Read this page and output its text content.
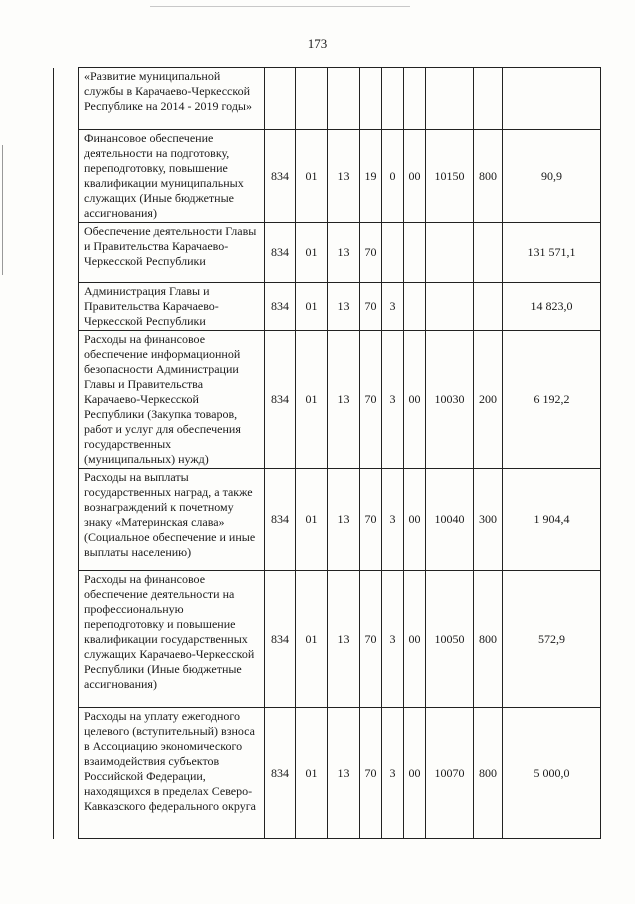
173
	«Развитие муниципальной службы в Карачаево-Черкесской Республике на 2014 - 2019 годы»									
	Финансовое обеспечение деятельности на подготовку, переподготовку, повышение квалификации муниципальных служащих (Иные бюджетные ассигнования)	834	01	13	19	0	00	10150	800	90,9
	Обеспечение деятельности Главы и Правительства Карачаево-Черкесской Республики	834	01	13	70					131 571,1
	Администрация Главы и Правительства Карачаево-Черкесской Республики	834	01	13	70	3				14 823,0
	Расходы на финансовое обеспечение информационной безопасности Администрации Главы и Правительства Карачаево-Черкесской Республики (Закупка товаров, работ и услуг для обеспечения государственных (муниципальных) нужд)	834	01	13	70	3	00	10030	200	6 192,2
	Расходы на выплаты государственных наград, а также вознаграждений к почетному знаку «Материнская слава» (Социальное обеспечение и иные выплаты населению)	834	01	13	70	3	00	10040	300	1 904,4
	Расходы на финансовое обеспечение деятельности на профессиональную переподготовку и повышение квалификации государственных служащих Карачаево-Черкесской Республики (Иные бюджетные ассигнования)	834	01	13	70	3	00	10050	800	572,9
	Расходы на уплату ежегодного целевого (вступительный) взноса в Ассоциацию экономического взаимодействия субъектов Российской Федерации, находящихся в пределах Северо-Кавказского федерального округа	834	01	13	70	3	00	10070	800	5 000,0
